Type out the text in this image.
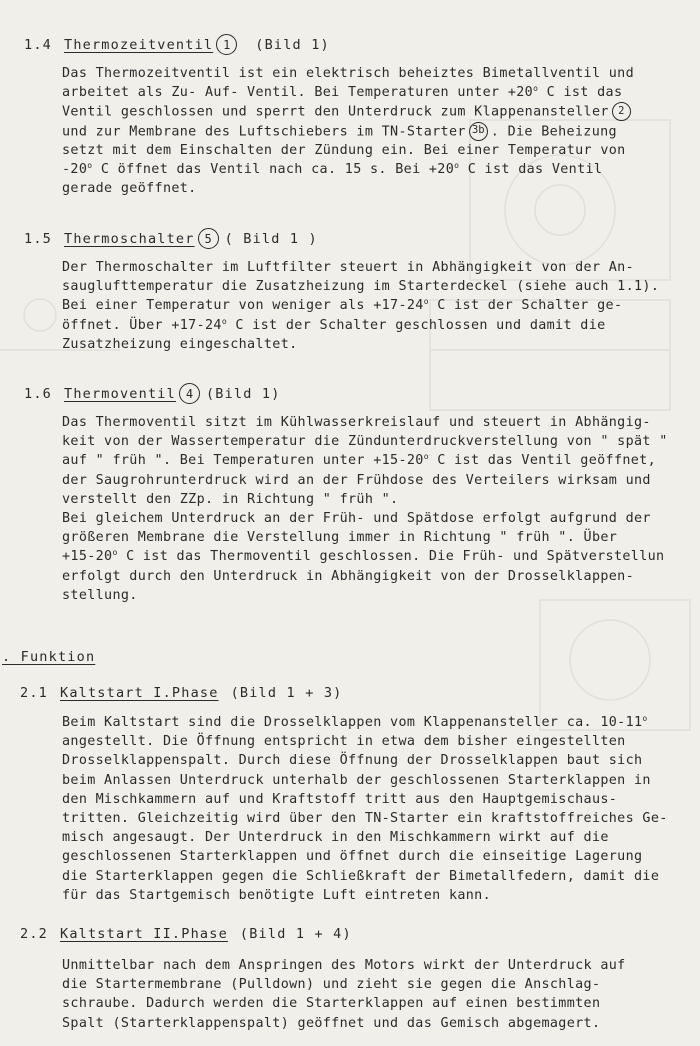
1.4 Thermozeitventil 1	(Bild 1)
Das Thermozeitventil ist ein elektrisch beheiztes Bimetallventil und
arbeitet als Zu- Auf- Ventil. Bei Temperaturen unter $+20^o$ C ist das
Ventil geschlossen und sperrt den Unterdruck zum Klappenansteller 2
und zur Membrane des Luftschiebers im TN-Starter 3b . Die Beheizung
setzt mit dem Einschalten der Zündung ein. Bei einer Temperatur von
-20$^o$ C öffnet das Ventil nach ca. 15 s. Bei $+20^o$ C ist das Ventil
gerade geöffnet.
1.5 Thermoschalter 5 ( Bild 1 )
Der Thermoschalter im Luftfilter steuert in Abhängigkeit von der An-
sauglufttemperatur die Zusatzheizung im Starterdeckel (siehe auch 1.1).
Bei einer Temperatur von weniger als $+17-24^o$ C ist der Schalter ge-
öffnet. Über $+17-24^o$ C ist der Schalter geschlossen und damit die
Zusatzheizung eingeschaltet.
1.6 Thermoventil 4 (Bild 1)
Das Thermoventil sitzt im Kühlwasserkreislauf und steuert in Abhängig-
keit von der Wassertemperatur die Zündunterdruckverstellung von " spät "
auf " früh ". Bei Temperaturen unter $+15-20^o$ C ist das Ventil geöffnet,
der Saugrohrunterdruck wird an der Frühdose des Verteilers wirksam und
verstellt den ZZp. in Richtung " früh ".
Bei gleichem Unterdruck an der Früh- und Spätdose erfolgt aufgrund der
größeren Membrane die Verstellung immer in Richtung " früh ". Über
$+15-20^o$ C ist das Thermoventil geschlossen. Die Früh- und Spätverstellun
erfolgt durch den Unterdruck in Abhängigkeit von der Drosselklappen-
stellung.
. Funktion
2.1 Kaltstart I.Phase (Bild 1 + 3)
Beim Kaltstart sind die Drosselklappen vom Klappenansteller ca. 10-11$^o$
angestellt. Die Öffnung entspricht in etwa dem bisher eingestellten
Drosselklappenspalt. Durch diese Öffnung der Drosselklappen baut sich
beim Anlassen Unterdruck unterhalb der geschlossenen Starterklappen in
den Mischkammern auf und Kraftstoff tritt aus den Hauptgemischaus-
tritten. Gleichzeitig wird über den TN-Starter ein kraftstoffreiches Ge-
misch angesaugt. Der Unterdruck in den Mischkammern wirkt auf die
geschlossenen Starterklappen und öffnet durch die einseitige Lagerung
die Starterklappen gegen die Schließkraft der Bimetallfedern, damit die
für das Startgemisch benötigte Luft eintreten kann.
2.2 Kaltstart II.Phase (Bild 1 + 4)
Unmittelbar nach dem Anspringen des Motors wirkt der Unterdruck auf
die Startermembrane (Pulldown) und zieht sie gegen die Anschlag-
schraube. Dadurch werden die Starterklappen auf einen bestimmten
Spalt (Starterklappenspalt) geöffnet und das Gemisch abgemagert.
